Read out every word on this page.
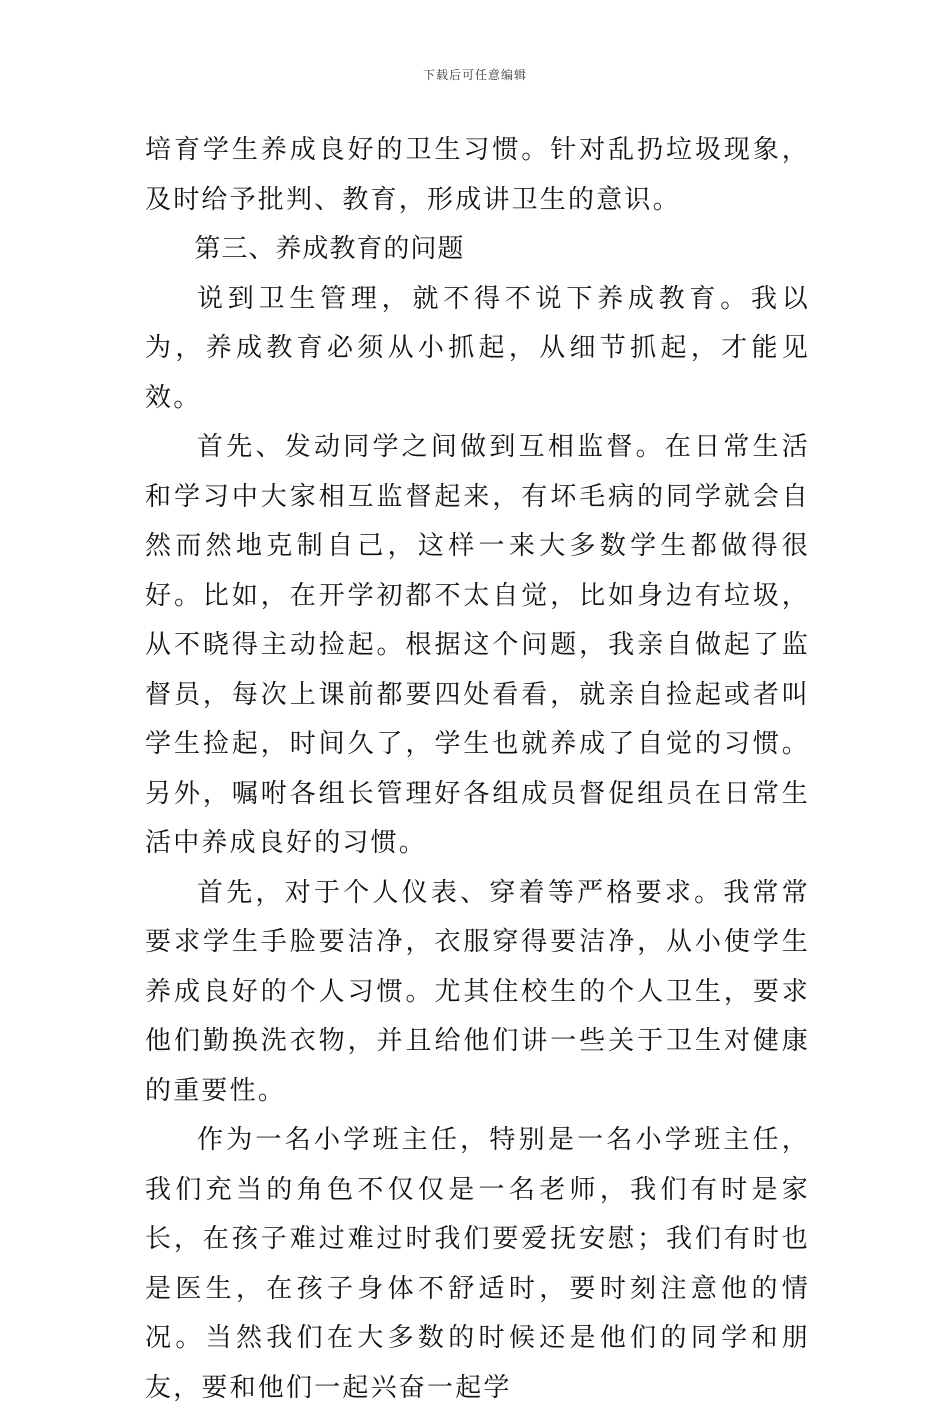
下载后可任意编辑

培育学生养成良好的卫生习惯。针对乱扔垃圾现象，及时给予批判、教育，形成讲卫生的意识。

第三、养成教育的问题

说到卫生管理，就不得不说下养成教育。我以为，养成教育必须从小抓起，从细节抓起，才能见效。

首先、发动同学之间做到互相监督。在日常生活和学习中大家相互监督起来，有坏毛病的同学就会自然而然地克制自己，这样一来大多数学生都做得很好。比如，在开学初都不太自觉，比如身边有垃圾，从不晓得主动捡起。根据这个问题，我亲自做起了监督员，每次上课前都要四处看看，就亲自捡起或者叫学生捡起，时间久了，学生也就养成了自觉的习惯。另外，嘱咐各组长管理好各组成员督促组员在日常生活中养成良好的习惯。

首先，对于个人仪表、穿着等严格要求。我常常要求学生手脸要洁净，衣服穿得要洁净，从小使学生养成良好的个人习惯。尤其住校生的个人卫生，要求他们勤换洗衣物，并且给他们讲一些关于卫生对健康的重要性。

作为一名小学班主任，特别是一名小学班主任，我们充当的角色不仅仅是一名老师，我们有时是家长，在孩子难过难过时我们要爱抚安慰；我们有时也是医生，在孩子身体不舒适时，要时刻注意他的情况。当然我们在大多数的时候还是他们的同学和朋友，要和他们一起兴奋一起学
